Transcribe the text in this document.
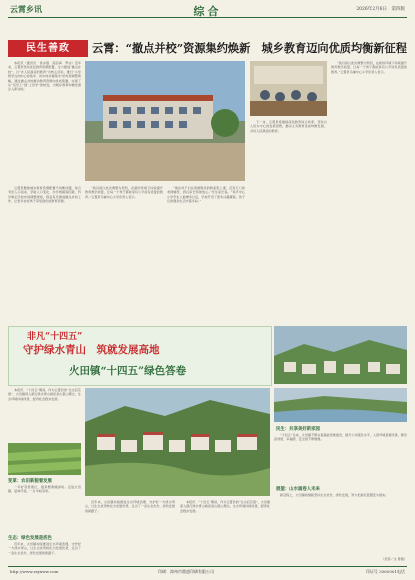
云霄乡讯	综合	2026年2月6日　 第四版
民生善政	云霄：“撤点并校”资源集约焕新　城乡教育迈向优质均衡新征程

本报讯（通讯员　徐永强　高浪海　罗冰）近年来，云霄县坚持优化教育资源配置，全力推进“撤点并校”，以“办人民满意的教育”为核心目标，推行“小学教学点向中心校集中、初中向乡镇集中”的布局调整策略，通过撤点并校推动教育资源向优质集聚，实现了从“有学上”到“上好学”的转变，为城乡教育均衡发展注入新动能。

云霄县聚焦城乡教育资源配置不均衡问题，综合考虑人口流动、学龄人口变化、办学规模等因素，科学制定学校布局调整规划，稳妥有序推进撤点并校工作，让更多农村孩子享受到优质教育资源。

“我们将以此次调整为契机，在新的环境下持续提升教育教学质量，让每一个孩子都能享有公平而有质量的教育。”云霄县马铺中心小学负责人表示。

“现在孩子们在宽敞明亮的教室里上课，还有专门的老师辅导，我们家长特别放心。”学生家长说。“和平中心小学学生人数增多以后，学校开设了更多兴趣课程，孩子们的课余生活丰富多彩。”

下一步，云霄县将继续深化教育综合改革，坚持以人民为中心的发展思想，推动义务教育优质均衡发展，办好人民满意的教育。

“我们将以此次调整为契机，在新的环境下持续提升教育教学质量，让每一个孩子都能享有公平而有质量的教育。”云霄县马铺中心小学负责人表示。

非凡“十四五”
守护绿水青山　筑就发展高地
火田镇“十四五”绿色答卷

本报讯　“十四五”期间，作为云霄县的“生态后花园”，火田镇深入践行绿水青山就是金山银山理念，生态环境持续改善，经济社会稳步发展。

变革：农田新貌看发展

一年好景君须记，最是橙黄橘绿时。走进火田镇，层林尽染，一片丰收景象。

生态：绿色发展是底色

近年来，火田镇持续推进生态环境治理，守护好一方绿水青山，让生态优势转化为发展优势，走出了一条生态优先、绿色发展的新路子。

近年来，火田镇持续推进生态环境治理，守护好一方绿水青山，让生态优势转化为发展优势，走出了一条生态优先、绿色发展的新路子。

本报讯　“十四五”期间，作为云霄县的“生态后花园”，火田镇深入践行绿水青山就是金山银山理念，生态环境持续改善，经济社会稳步发展。

民生：共享美好新家园

“十四五”以来，火田镇不断完善基础设施建设，提升公共服务水平，人居环境显著改善，群众获得感、幸福感、安全感不断增强。

展望：山水画卷人未来

新征程上，火田镇将继续坚持生态优先、绿色发展，努力把美好蓝图变为现实。

（吴泰／文 陈健）
http://www.zzyxww.com	印刷：漳州市鼎盛印刷有限公司	印证号 3565001电话
